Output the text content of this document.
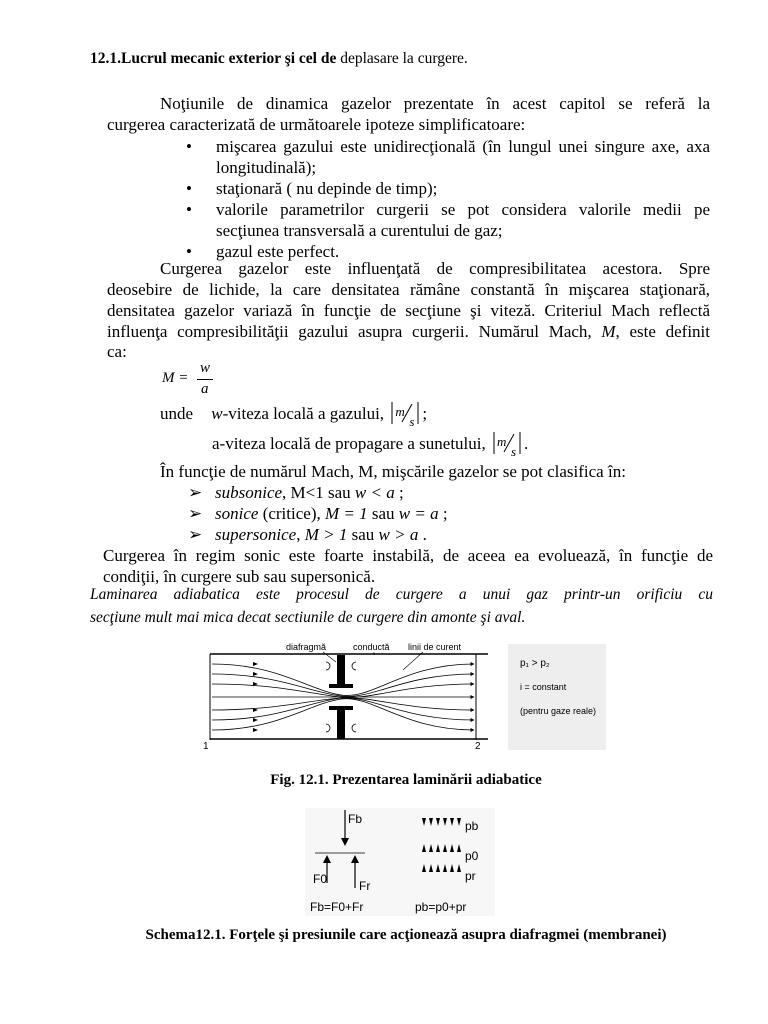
12.1.Lucrul mecanic exterior şi cel de deplasare la curgere.
Noţiunile de dinamica gazelor prezentate în acest capitol se referă la
curgerea caracterizată de următoarele ipoteze simplificatoare:
• mişcarea gazului este unidirecţională (în lungul unei singure axe, axa
longitudinală);
• staţionară ( nu depinde de timp);
• valorile parametrilor curgerii se pot considera valorile medii pe
secţiunea transversală a curentului de gaz;
• gazul este perfect.
Curgerea gazelor este influenţată de compresibilitatea acestora. Spre
deosebire de lichide, la care densitatea rămâne constantă în mişcarea staţionară,
densitatea gazelor variază în funcţie de secţiune şi viteză. Criteriul Mach reflectă
influenţa compresibilităţii gazului asupra curgerii. Numărul Mach, M, este definit
ca:
M =
w
a
unde w-viteza locală a gazului, m
s ;
a-viteza locală de propagare a sunetului, m
s .
În funcţie de numărul Mach, M, mişcările gazelor se pot clasifica în:
➢ subsonice, M<1 sau w < a ;
➢ sonice (critice), M = 1 sau w = a ;
➢ supersonice, M > 1 sau w > a .
Curgerea în regim sonic este foarte instabilă, de aceea ea evoluează, în funcţie de
condiţii, în curgere sub sau supersonică.
Laminarea adiabatica este procesul de curgere a unui gaz printr-un orificiu cu
secţiune mult mai mica decat sectiunile de curgere din amonte şi aval.
1	2
diafragmă	conductă linii de curent
p₁ > p₂
i = constant
(pentru gaze reale)
Fig. 12.1. Prezentarea laminării adiabatice
Fb
F0	Fr
Fb=F0+Fr
pb
p0
pr
pb=p0+pr
Schema12.1. Forţele şi presiunile care acţionează asupra diafragmei (membranei)
